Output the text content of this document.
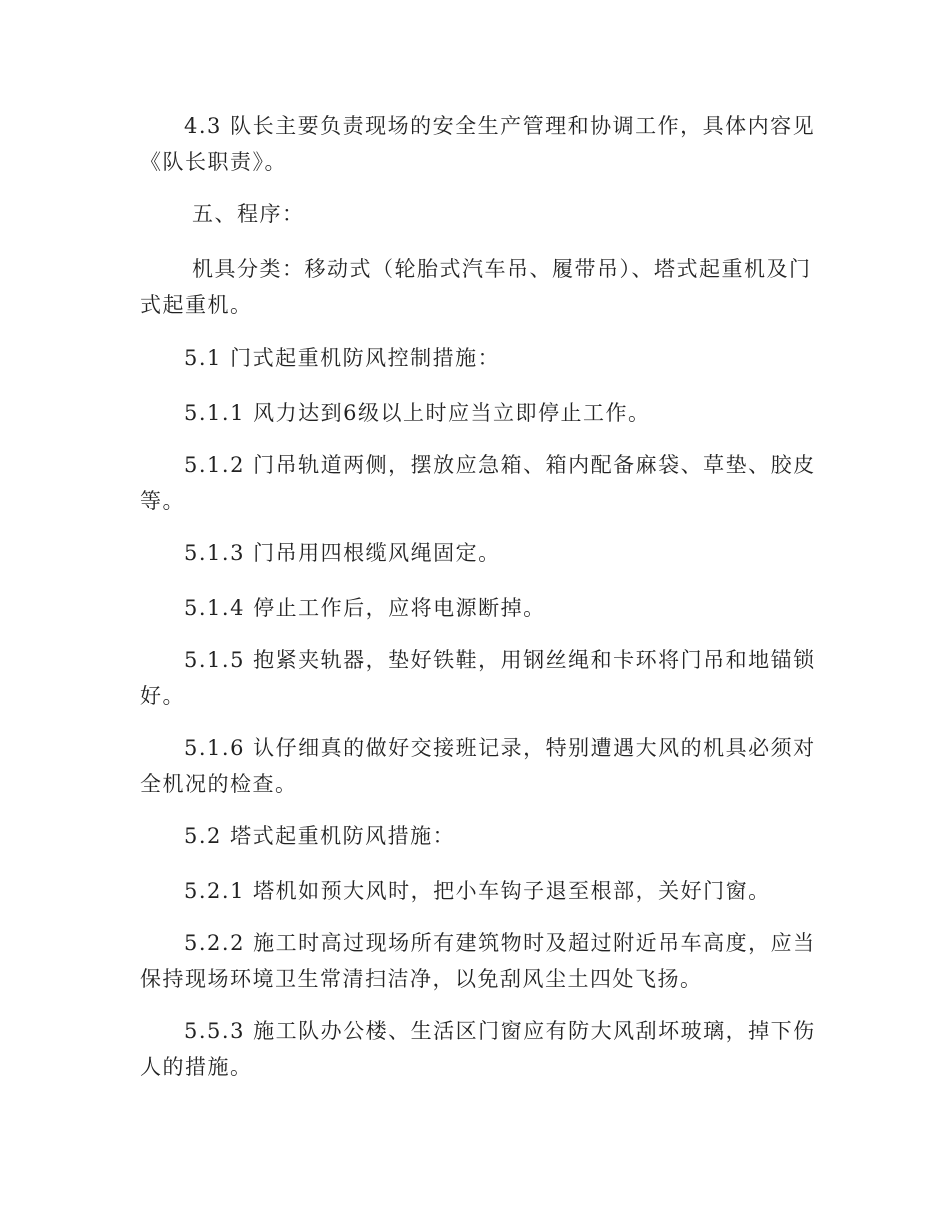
4.3 队长主要负责现场的安全生产管理和协调工作，具体内容见
《队长职责》。
五、程序：
机具分类：移动式（轮胎式汽车吊、履带吊）、塔式起重机及门
式起重机。
5.1 门式起重机防风控制措施：
5.1.1 风力达到6级以上时应当立即停止工作。
5.1.2 门吊轨道两侧，摆放应急箱、箱内配备麻袋、草垫、胶皮
等。
5.1.3 门吊用四根缆风绳固定。
5.1.4 停止工作后，应将电源断掉。
5.1.5 抱紧夹轨器，垫好铁鞋，用钢丝绳和卡环将门吊和地锚锁
好。
5.1.6 认仔细真的做好交接班记录，特别遭遇大风的机具必须对
全机况的检查。
5.2 塔式起重机防风措施：
5.2.1 塔机如预大风时，把小车钩子退至根部，关好门窗。
5.2.2 施工时高过现场所有建筑物时及超过附近吊车高度，应当
保持现场环境卫生常清扫洁净，以免刮风尘土四处飞扬。
5.5.3 施工队办公楼、生活区门窗应有防大风刮坏玻璃，掉下伤
人的措施。
